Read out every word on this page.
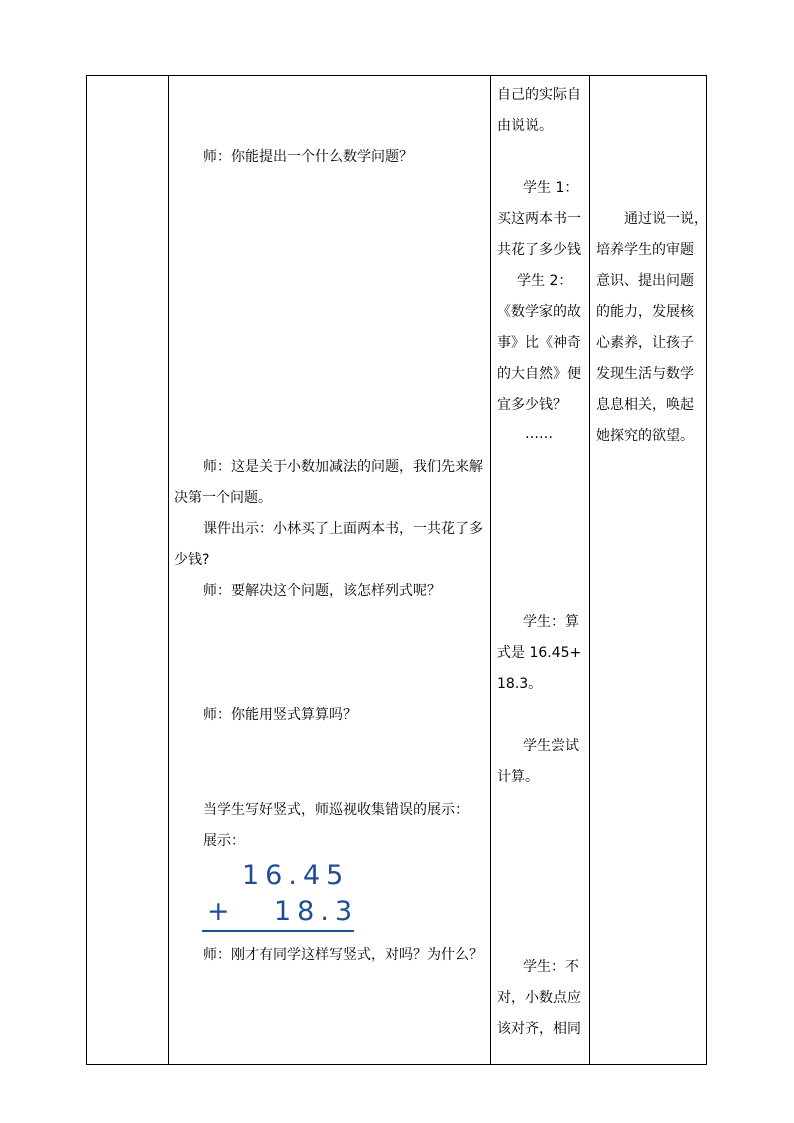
自己的实际自
由说说。
师：你能提出一个什么数学问题？
学生 1：
买这两本书一
共花了多少钱
学生 2：
《数学家的故
事》比《神奇
的大自然》便
宜多少钱？
……
通过说一说，
培养学生的审题
意识、提出问题
的能力，发展核
心素养，让孩子
发现生活与数学
息息相关，唤起
她探究的欲望。
师：这是关于小数加减法的问题，我们先来解
决第一个问题。
课件出示：小林买了上面两本书，一共花了多
少钱?
师：要解决这个问题，该怎样列式呢？
学生：算
式是 16.45+
18.3。
师：你能用竖式算算吗？
学生尝试
计算。
当学生写好竖式，师巡视收集错误的展示：
展示：
16.45
+ 18.3
师：刚才有同学这样写竖式，对吗？为什么？
学生：不
对，小数点应
该对齐，相同
